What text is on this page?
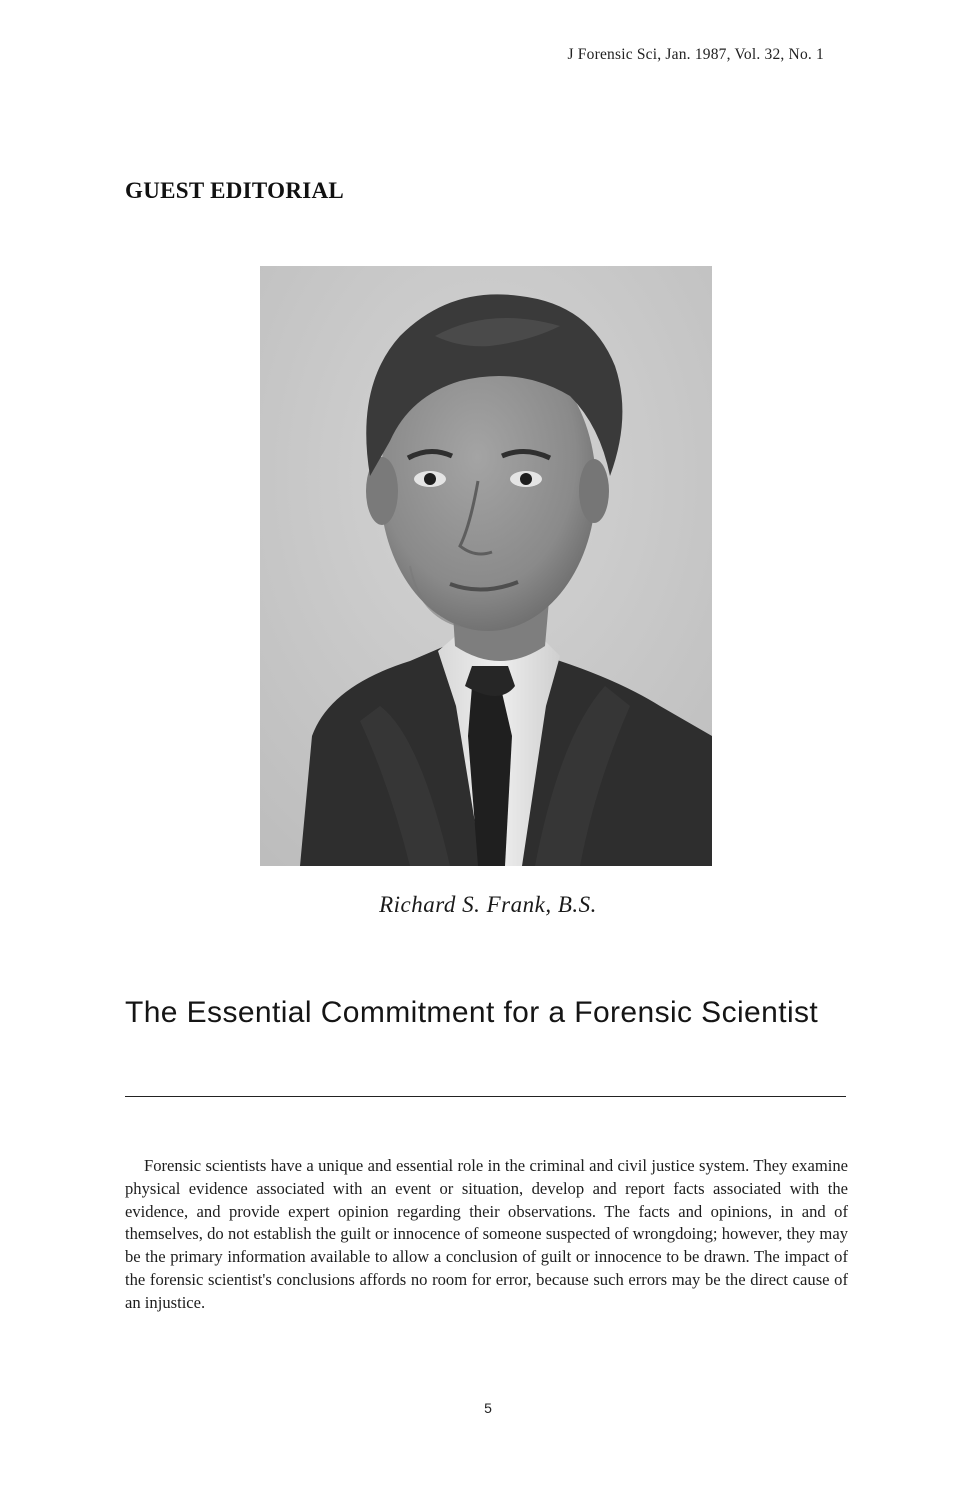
J Forensic Sci, Jan. 1987, Vol. 32, No. 1
GUEST EDITORIAL
Richard S. Frank, B.S.
The Essential Commitment for a Forensic Scientist

Forensic scientists have a unique and essential role in the criminal and civil justice system. They examine physical evidence associated with an event or situation, develop and report facts associated with the evidence, and provide expert opinion regarding their observations. The facts and opinions, in and of themselves, do not establish the guilt or innocence of someone suspected of wrongdoing; however, they may be the primary information available to allow a conclusion of guilt or innocence to be drawn. The impact of the forensic scientist's conclusions affords no room for error, because such errors may be the direct cause of an injustice.

5
